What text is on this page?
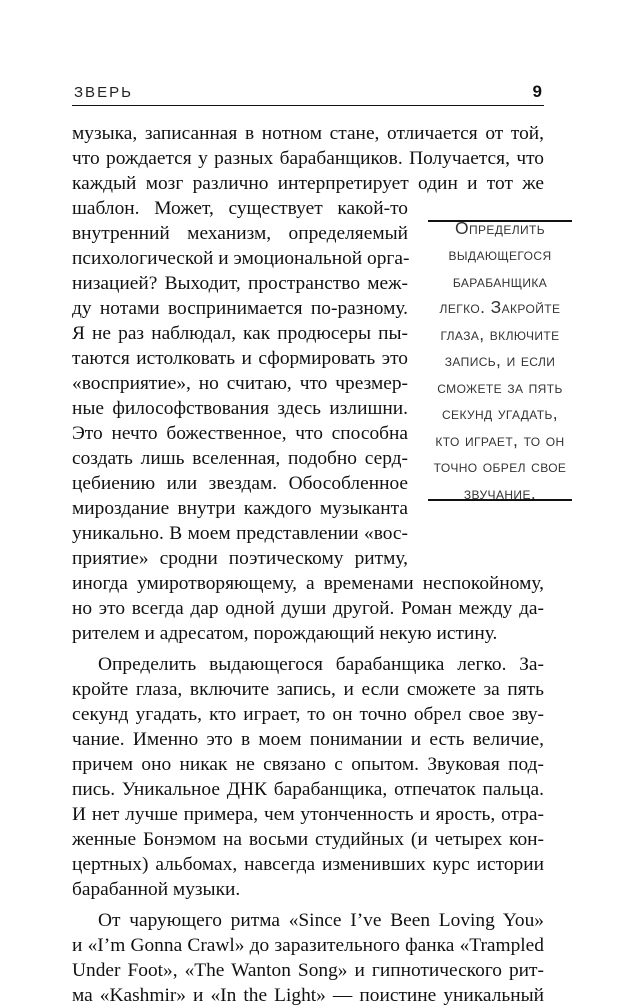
ЗВЕРЬ	9
Определить выдающегося барабанщика легко. Закройте глаза, включите запись, и если сможете за пять секунд угадать, кто играет, то он точно обрел свое звучание.
музыка, записанная в нотном стане, отличается от той,
что рождается у разных барабанщиков. Получается, что
каждый мозг различно интерпретирует один и тот же
шаблон. Может, существует какой-то
внутренний механизм, определяемый
психологической и эмоциональной орга-
низацией? Выходит, пространство меж-
ду нотами воспринимается по-разному.
Я не раз наблюдал, как продюсеры пы-
таются истолковать и сформировать это
«восприятие», но считаю, что чрезмер-
ные философствования здесь излишни.
Это нечто божественное, что способна
создать лишь вселенная, подобно серд-
цебиению или звездам. Обособленное
мироздание внутри каждого музыканта
уникально. В моем представлении «вос-
приятие» сродни поэтическому ритму,
иногда умиротворяющему, а временами неспокойному,
но это всегда дар одной души другой. Роман между да-
рителем и адресатом, порождающий некую истину.
Определить выдающегося барабанщика легко. За-
кройте глаза, включите запись, и если сможете за пять
секунд угадать, кто играет, то он точно обрел свое зву-
чание. Именно это в моем понимании и есть величие,
причем оно никак не связано с опытом. Звуковая под-
пись. Уникальное ДНК барабанщика, отпечаток пальца.
И нет лучше примера, чем утонченность и ярость, отра-
женные Бонэмом на восьми студийных (и четырех кон-
цертных) альбомах, навсегда изменивших курс истории
барабанной музыки.
От чарующего ритма «Since I’ve Been Loving You»
и «I’m Gonna Crawl» до заразительного фанка «Trampled
Under Foot», «The Wanton Song» и гипнотического рит-
ма «Kashmir» и «In the Light» — поистине уникальный
